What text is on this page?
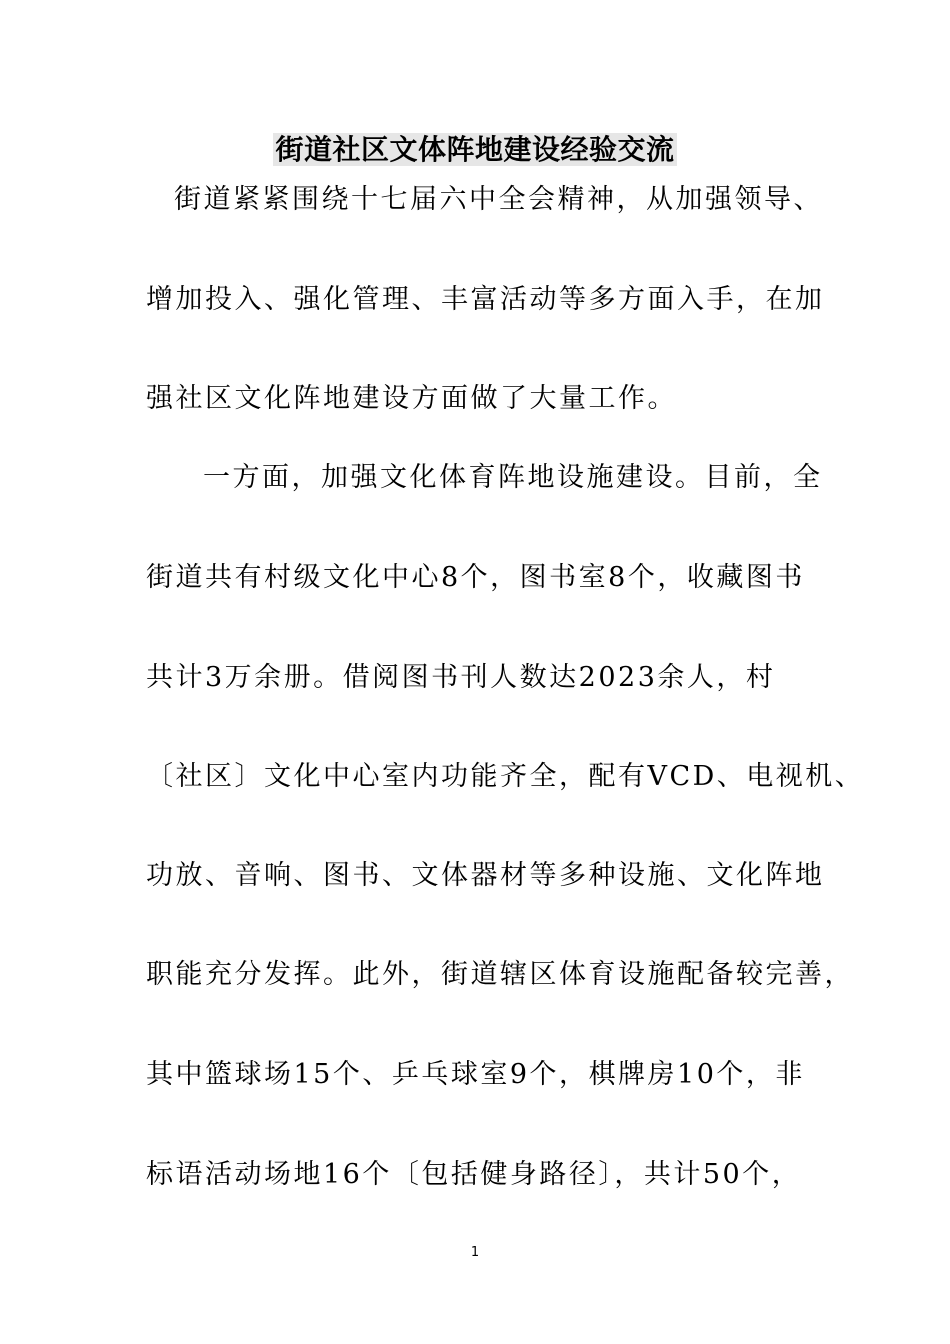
街道社区文体阵地建设经验交流
街道紧紧围绕十七届六中全会精神，从加强领导、
增加投入、强化管理、丰富活动等多方面入手，在加
强社区文化阵地建设方面做了大量工作。
一方面，加强文化体育阵地设施建设。目前，全
街道共有村级文化中心8个，图书室8个，收藏图书
共计3万余册。借阅图书刊人数达2023余人，村
〔社区〕文化中心室内功能齐全，配有VCD、电视机、
功放、音响、图书、文体器材等多种设施、文化阵地
职能充分发挥。此外，街道辖区体育设施配备较完善，
其中篮球场15个、乒乓球室9个，棋牌房10个，非
标语活动场地16个〔包括健身路径〕，共计50个，
1
